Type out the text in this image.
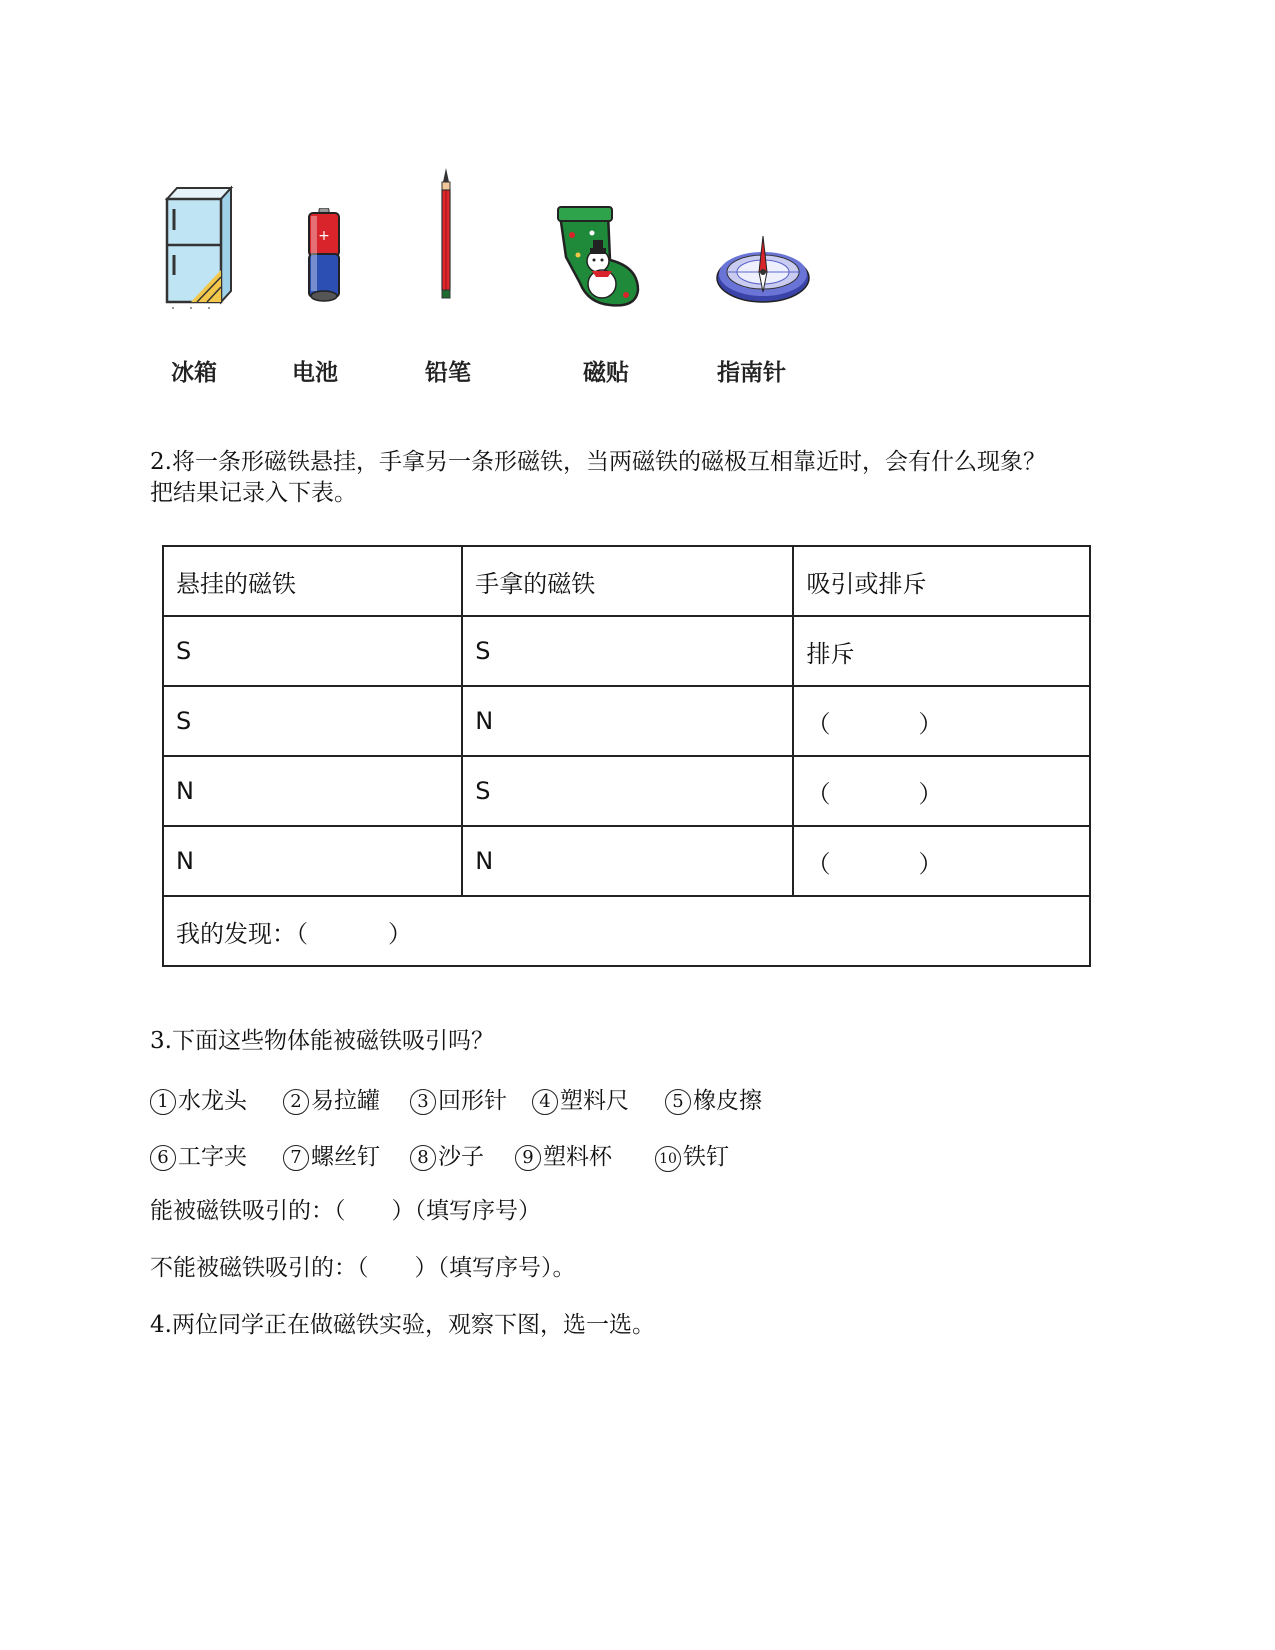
+
冰箱	电池	铅笔	磁贴	指南针
2.将一条形磁铁悬挂，手拿另一条形磁铁，当两磁铁的磁极互相靠近时，会有什么现象？
把结果记录入下表。
悬挂的磁铁	手拿的磁铁	吸引或排斥
S	S	排斥
S	N	（ ）
N	S	（ ）
N	N	（ ）
我的发现：（ ）		
3.下面这些物体能被磁铁吸引吗？
1 水龙头	2 易拉罐	3 回形针	4 塑料尺	5 橡皮擦
6 工字夹	7 螺丝钉	8 沙子	9 塑料杯	10 铁钉
能被磁铁吸引的：（　　）（填写序号）
不能被磁铁吸引的：（　　）（填写序号）。
4.两位同学正在做磁铁实验，观察下图，选一选。
